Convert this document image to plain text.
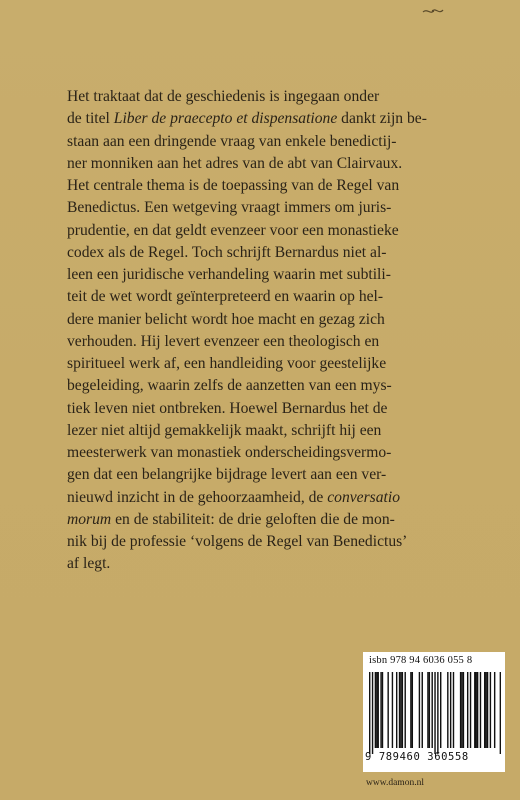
Het traktaat dat de geschiedenis is ingegaan onder
de titel Liber de praecepto et dispensatione dankt zijn be-
staan aan een dringende vraag van enkele benedictij-
ner monniken aan het adres van de abt van Clairvaux.
Het centrale thema is de toepassing van de Regel van
Benedictus. Een wetgeving vraagt immers om juris-
prudentie, en dat geldt evenzeer voor een monastieke
codex als de Regel. Toch schrijft Bernardus niet al-
leen een juridische verhandeling waarin met subtili-
teit de wet wordt geïnterpreteerd en waarin op hel-
dere manier belicht wordt hoe macht en gezag zich
verhouden. Hij levert evenzeer een theologisch en
spiritueel werk af, een handleiding voor geestelijke
begeleiding, waarin zelfs de aanzetten van een mys-
tiek leven niet ontbreken. Hoewel Bernardus het de
lezer niet altijd gemakkelijk maakt, schrijft hij een
meesterwerk van monastiek onderscheidingsvermo-
gen dat een belangrijke bijdrage levert aan een ver-
nieuwd inzicht in de gehoorzaamheid, de conversatio
morum en de stabiliteit: de drie geloften die de mon-
nik bij de professie ‘volgens de Regel van Benedictus’
af legt.
isbn 978 94 6036 055 8
9 789460 360558
www.damon.nl
